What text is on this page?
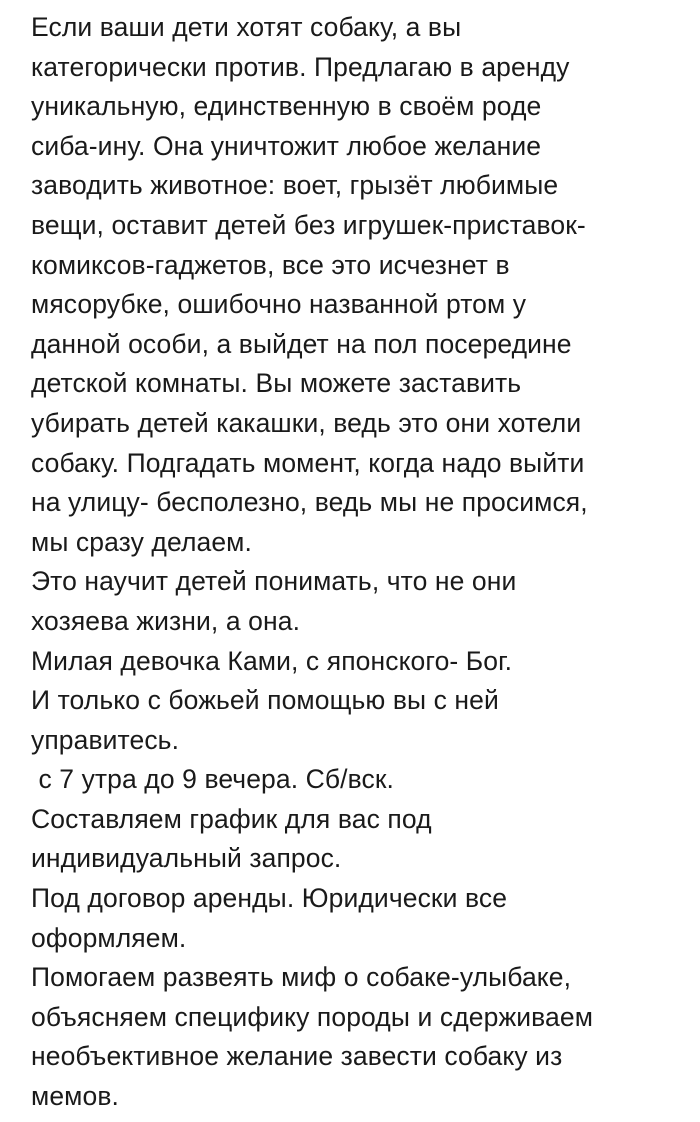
Если ваши дети хотят собаку, а вы
категорически против. Предлагаю в аренду
уникальную, единственную в своём роде
сиба-ину. Она уничтожит любое желание
заводить животное: воет, грызёт любимые
вещи, оставит детей без игрушек-приставок-
комиксов-гаджетов, все это исчезнет в
мясорубке, ошибочно названной ртом у
данной особи, а выйдет на пол посередине
детской комнаты. Вы можете заставить
убирать детей какашки, ведь это они хотели
собаку. Подгадать момент, когда надо выйти
на улицу- бесполезно, ведь мы не просимся,
мы сразу делаем.
Это научит детей понимать, что не они
хозяева жизни, а она.
Милая девочка Ками, с японского- Бог.
И только с божьей помощью вы с ней
управитесь.
с 7 утра до 9 вечера. Сб/вск.
Составляем график для вас под
индивидуальный запрос.
Под договор аренды. Юридически все
оформляем.
Помогаем развеять миф о собаке-улыбаке,
объясняем специфику породы и сдерживаем
необъективное желание завести собаку из
мемов.
